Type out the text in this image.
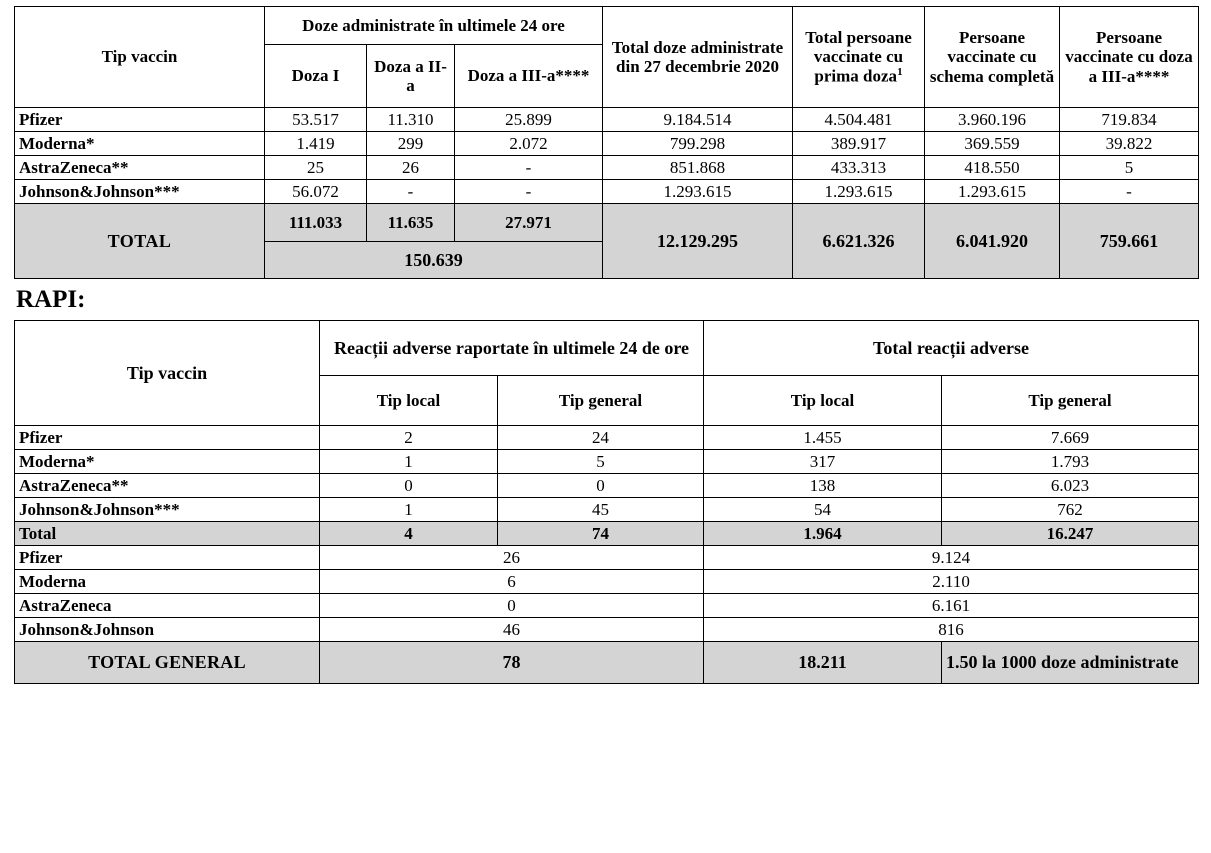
Tip vaccin	Doze administrate în ultimele 24 ore			Total doze administrate din 27 decembrie 2020	Total persoane vaccinate cu prima doza$^1$	Persoane vaccinate cu schema completă	Persoane vaccinate cu doza a III-a****
	Doza I	Doza a II-a	Doza a III-a****				
Pfizer	53.517	11.310	25.899	9.184.514	4.504.481	3.960.196	719.834
Moderna*	1.419	299	2.072	799.298	389.917	369.559	39.822
AstraZeneca**	25	26	-	851.868	433.313	418.550	5
Johnson&Johnson***	56.072	-	-	1.293.615	1.293.615	1.293.615	-
TOTAL	111.033	11.635	27.971	12.129.295	6.621.326	6.041.920	759.661
	150.639						
RAPI:
Tip vaccin	Reacții adverse raportate în ultimele 24 de ore		Total reacții adverse	
	Tip local	Tip general	Tip local	Tip general
Pfizer	2	24	1.455	7.669
Moderna*	1	5	317	1.793
AstraZeneca**	0	0	138	6.023
Johnson&Johnson***	1	45	54	762
Total	4	74	1.964	16.247
Pfizer	26		9.124	
Moderna	6		2.110	
AstraZeneca	0		6.161	
Johnson&Johnson	46		816	
TOTAL GENERAL	78		18.211	1.50 la 1000 doze administrate
